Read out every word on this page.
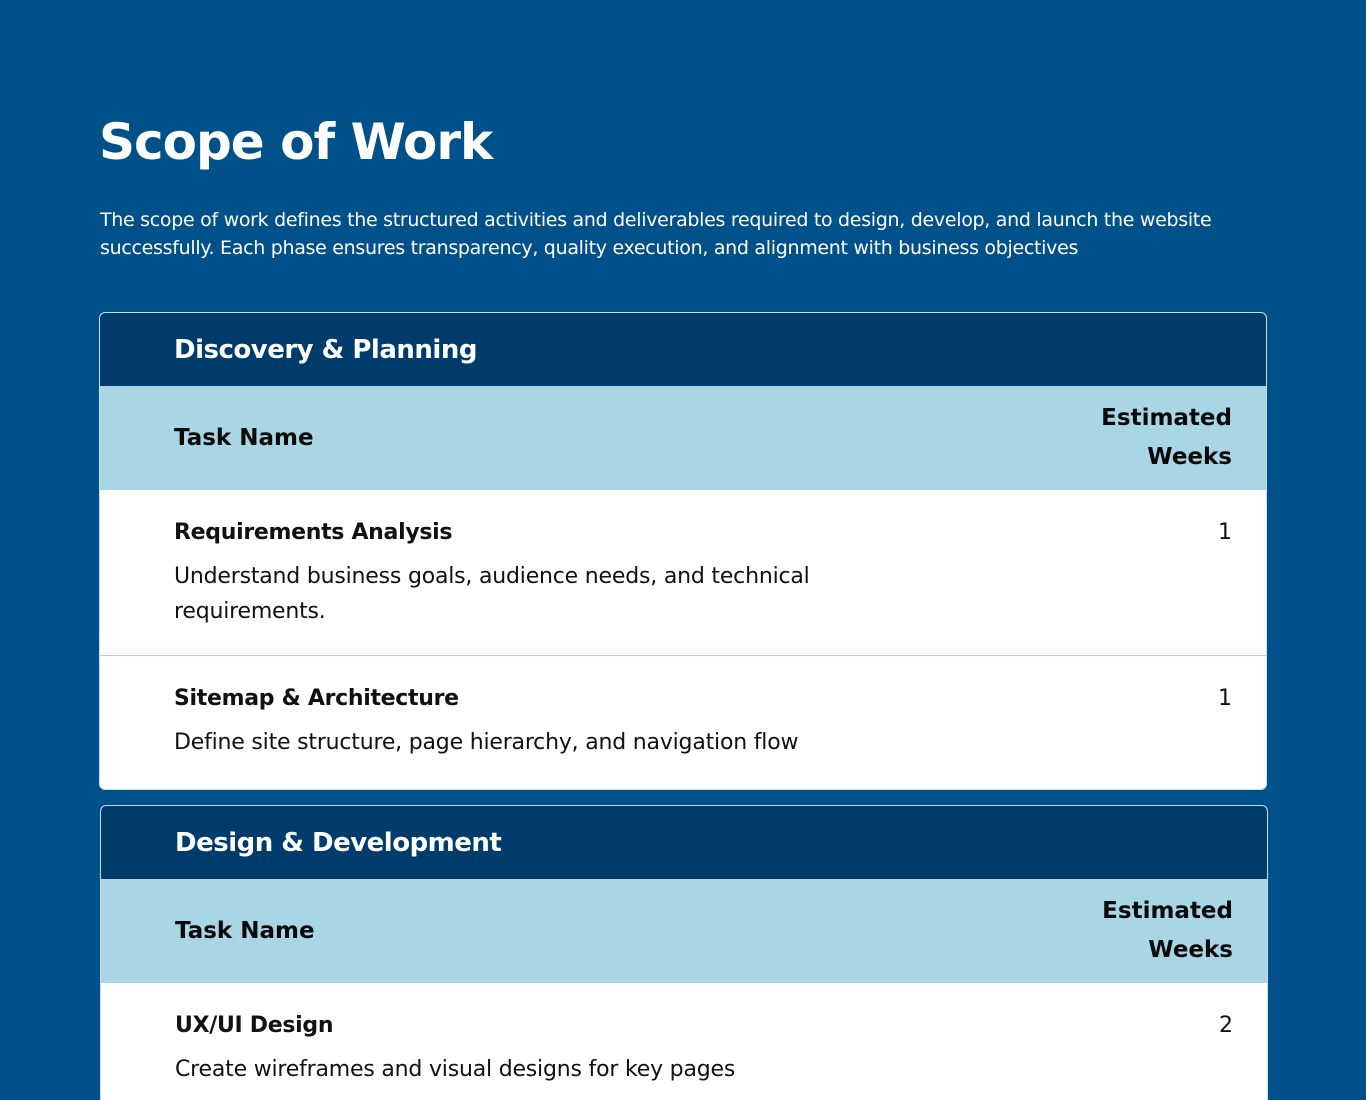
Scope of Work

The scope of work defines the structured activities and deliverables required to design, develop, and launch the website successfully. Each phase ensures transparency, quality execution, and alignment with business objectives

Discovery & Planning
Task Name
Estimated Weeks
Requirements Analysis
Understand business goals, audience needs, and technical requirements.
1
Sitemap & Architecture
Define site structure, page hierarchy, and navigation flow
1
Design & Development
Task Name
Estimated Weeks
UX/UI Design
Create wireframes and visual designs for key pages
2
